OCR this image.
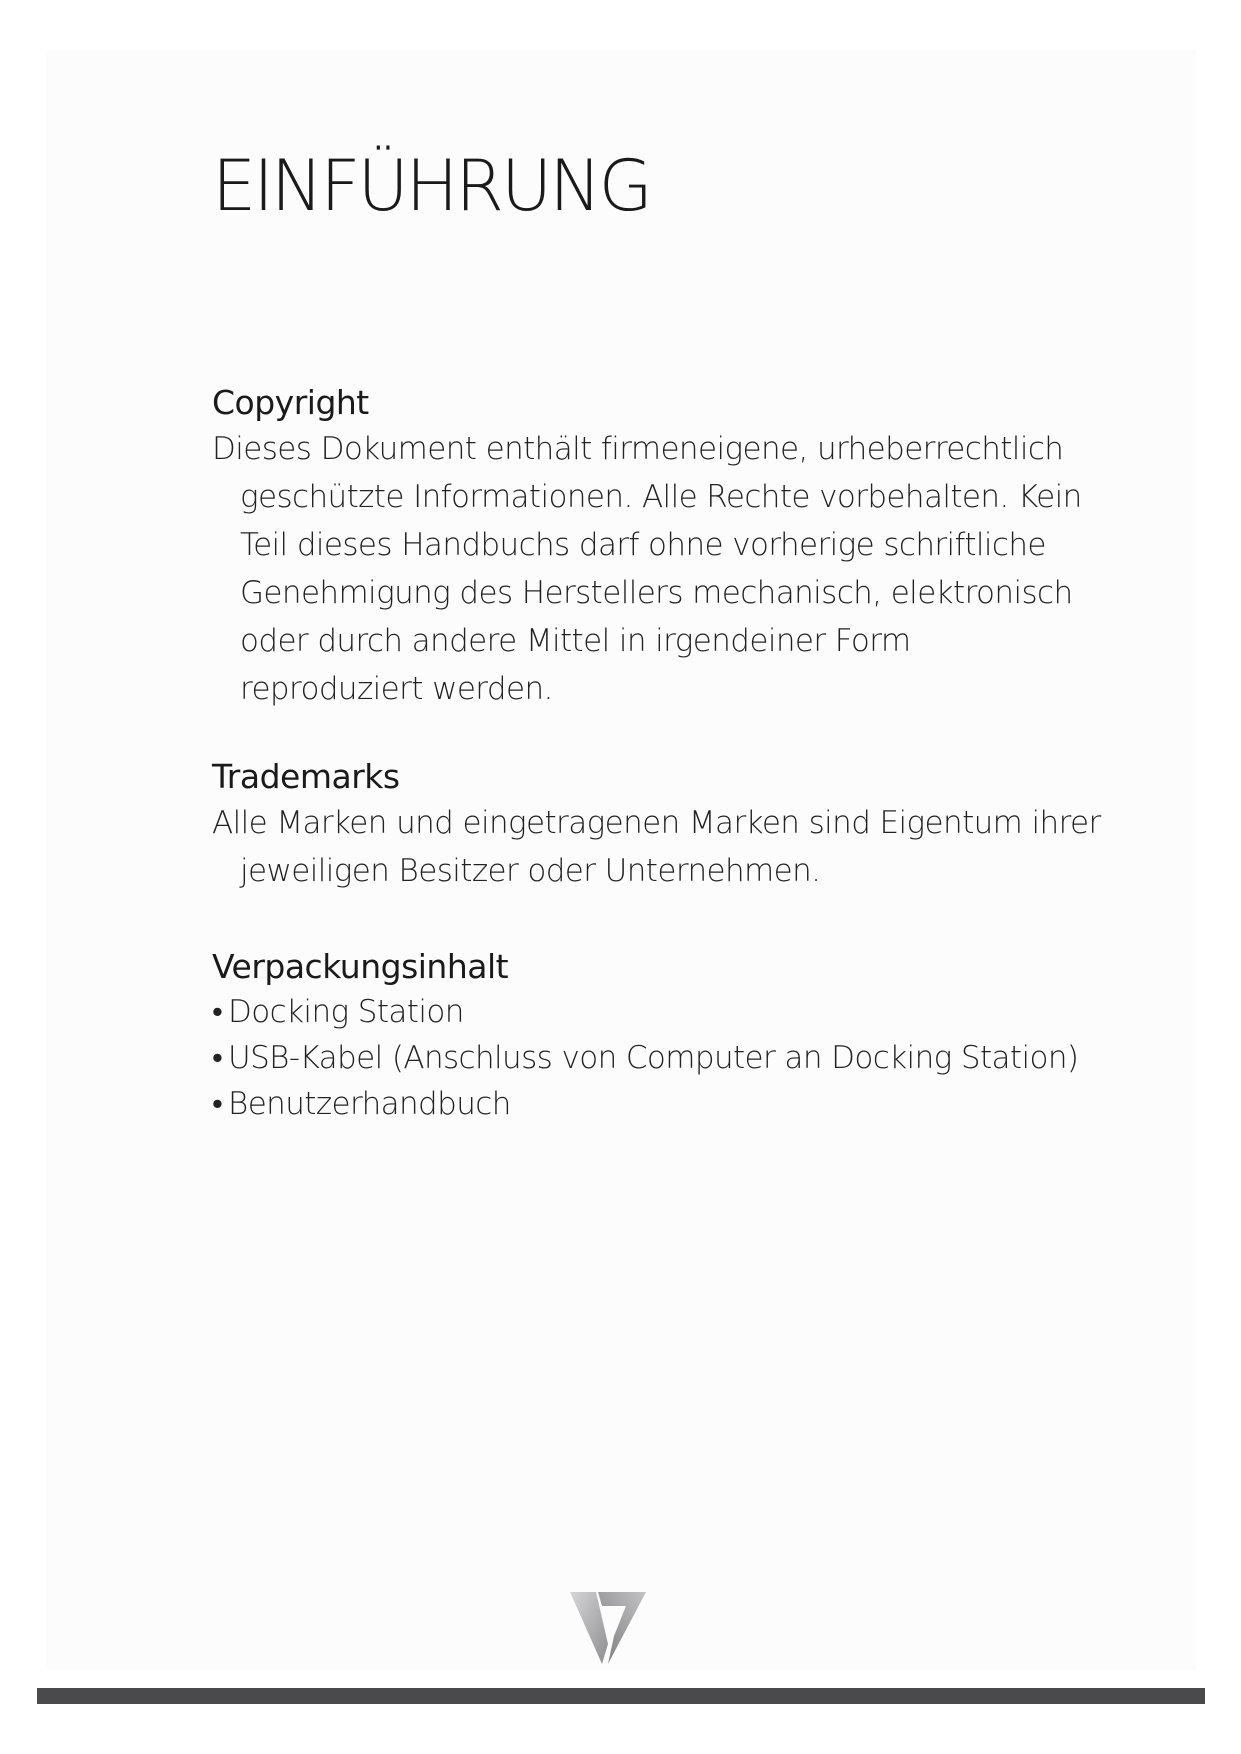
EINFÜHRUNG
Copyright

Dieses Dokument enthält firmeneigene, urheberrechtlich geschützte Informationen. Alle Rechte vorbehalten. Kein Teil dieses Handbuchs darf ohne vorherige schriftliche Genehmigung des Herstellers mechanisch, elektronisch oder durch andere Mittel in irgendeiner Form reproduziert werden.

Trademarks

Alle Marken und eingetragenen Marken sind Eigentum ihrer jeweiligen Besitzer oder Unternehmen.

Verpackungsinhalt
• Docking Station
• USB-Kabel (Anschluss von Computer an Docking Station)
• Benutzerhandbuch
